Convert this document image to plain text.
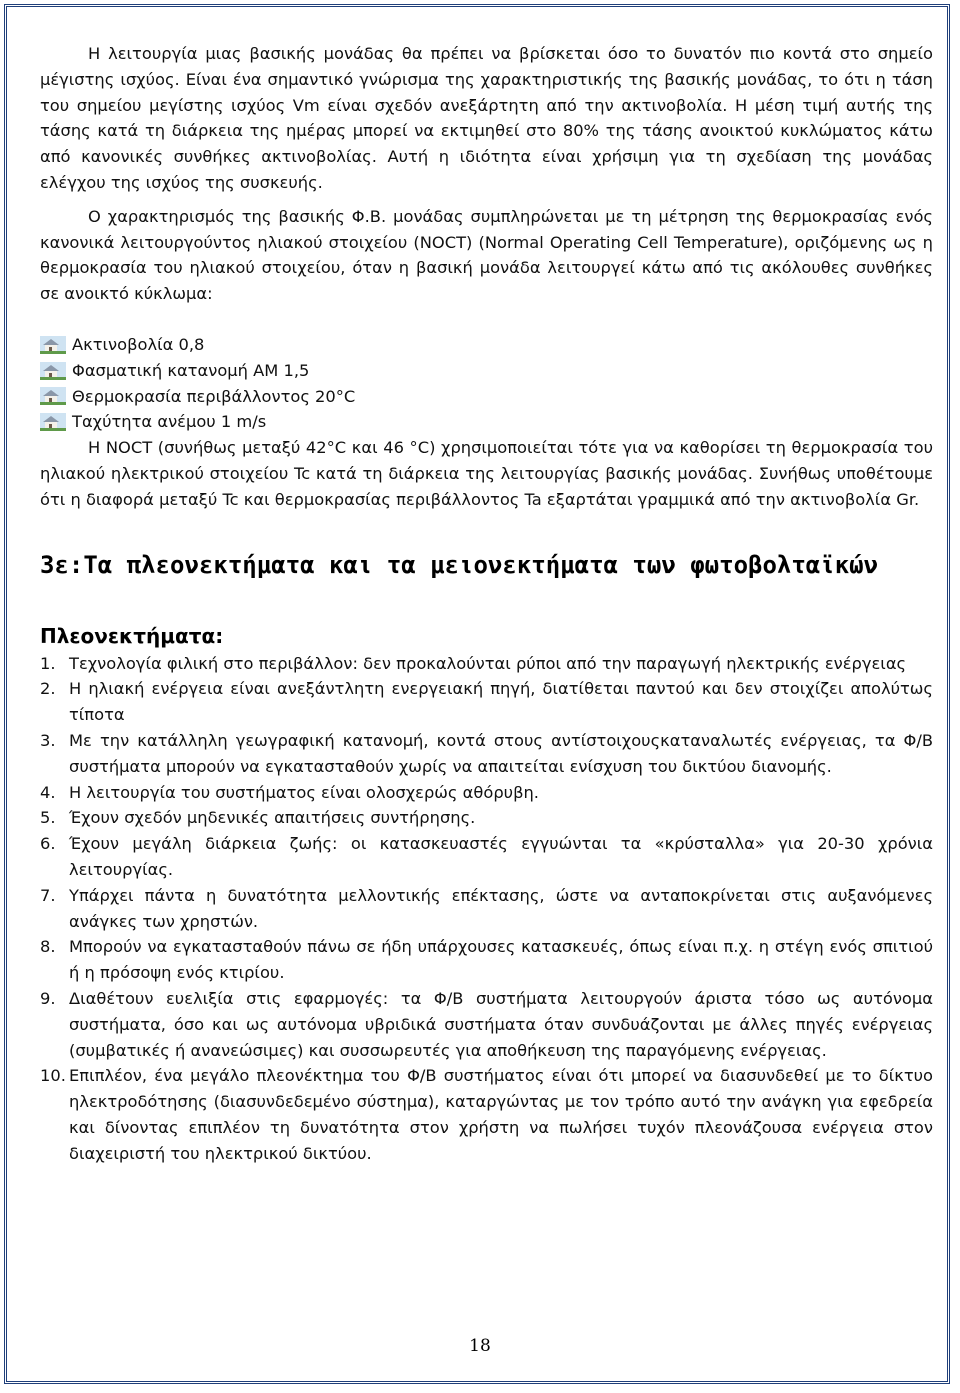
Η λειτουργία μιας βασικής μονάδας θα πρέπει να βρίσκεται όσο το δυνατόν πιο κοντά στο σημείο μέγιστης ισχύος. Είναι ένα σημαντικό γνώρισμα της χαρακτηριστικής της βασικής μονάδας, το ότι η τάση του σημείου μεγίστης ισχύος Vm είναι σχεδόν ανεξάρτητη από την ακτινοβολία. Η μέση τιμή αυτής της τάσης κατά τη διάρκεια της ημέρας μπορεί να εκτιμηθεί στο 80% της τάσης ανοικτού κυκλώματος κάτω από κανονικές συνθήκες ακτινοβολίας. Αυτή η ιδιότητα είναι χρήσιμη για τη σχεδίαση της μονάδας ελέγχου της ισχύος της συσκευής.

Ο χαρακτηρισμός της βασικής Φ.Β. μονάδας συμπληρώνεται με τη μέτρηση της θερμοκρασίας ενός κανονικά λειτουργούντος ηλιακού στοιχείου (NOCT) (Normal Operating Cell Temperature), οριζόμενης ως η θερμοκρασία του ηλιακού στοιχείου, όταν η βασική μονάδα λειτουργεί κάτω από τις ακόλουθες συνθήκες σε ανοικτό κύκλωμα:

Ακτινοβολία 0,8
Φασματική κατανομή ΑΜ 1,5
Θερμοκρασία περιβάλλοντος 20°C
Ταχύτητα ανέμου 1 m/s

Η NOCT (συνήθως μεταξύ 42°C και 46 °C) χρησιμοποιείται τότε για να καθορίσει τη θερμοκρασία του ηλιακού ηλεκτρικού στοιχείου Tc κατά τη διάρκεια της λειτουργίας βασικής μονάδας. Συνήθως υποθέτουμε ότι η διαφορά μεταξύ Tc και θερμοκρασίας περιβάλλοντος Ta εξαρτάται γραμμικά από την ακτινοβολία Gr.

3ε:Τα πλεονεκτήματα και τα μειονεκτήματα των φωτοβολταϊκών
Πλεονεκτήματα:
1. Τεχνολογία φιλική στο περιβάλλον: δεν προκαλούνται ρύποι από την παραγωγή ηλεκτρικής ενέργειας
2. Η ηλιακή ενέργεια είναι ανεξάντλητη ενεργειακή πηγή, διατίθεται παντού και δεν στοιχίζει απολύτως τίποτα
3. Με την κατάλληλη γεωγραφική κατανομή, κοντά στους αντίστοιχουςκαταναλωτές ενέργειας, τα Φ/Β συστήματα μπορούν να εγκατασταθούν χωρίς να απαιτείται ενίσχυση του δικτύου διανομής.
4. Η λειτουργία του συστήματος είναι ολοσχερώς αθόρυβη.
5. Έχουν σχεδόν μηδενικές απαιτήσεις συντήρησης.
6. Έχουν μεγάλη διάρκεια ζωής: οι κατασκευαστές εγγυώνται τα «κρύσταλλα» για 20-30 χρόνια λειτουργίας.
7. Υπάρχει πάντα η δυνατότητα μελλοντικής επέκτασης, ώστε να ανταποκρίνεται στις αυξανόμενες ανάγκες των χρηστών.
8. Μπορούν να εγκατασταθούν πάνω σε ήδη υπάρχουσες κατασκευές, όπως είναι π.χ. η στέγη ενός σπιτιού ή η πρόσοψη ενός κτιρίου.
9. Διαθέτουν ευελιξία στις εφαρμογές: τα Φ/Β συστήματα λειτουργούν άριστα τόσο ως αυτόνομα συστήματα, όσο και ως αυτόνομα υβριδικά συστήματα όταν συνδυάζονται με άλλες πηγές ενέργειας (συμβατικές ή ανανεώσιμες) και συσσωρευτές για αποθήκευση της παραγόμενης ενέργειας.
10. Επιπλέον, ένα μεγάλο πλεονέκτημα του Φ/Β συστήματος είναι ότι μπορεί να διασυνδεθεί με το δίκτυο ηλεκτροδότησης (διασυνδεδεμένο σύστημα), καταργώντας με τον τρόπο αυτό την ανάγκη για εφεδρεία και δίνοντας επιπλέον τη δυνατότητα στον χρήστη να πωλήσει τυχόν πλεονάζουσα ενέργεια στον διαχειριστή του ηλεκτρικού δικτύου.
18
